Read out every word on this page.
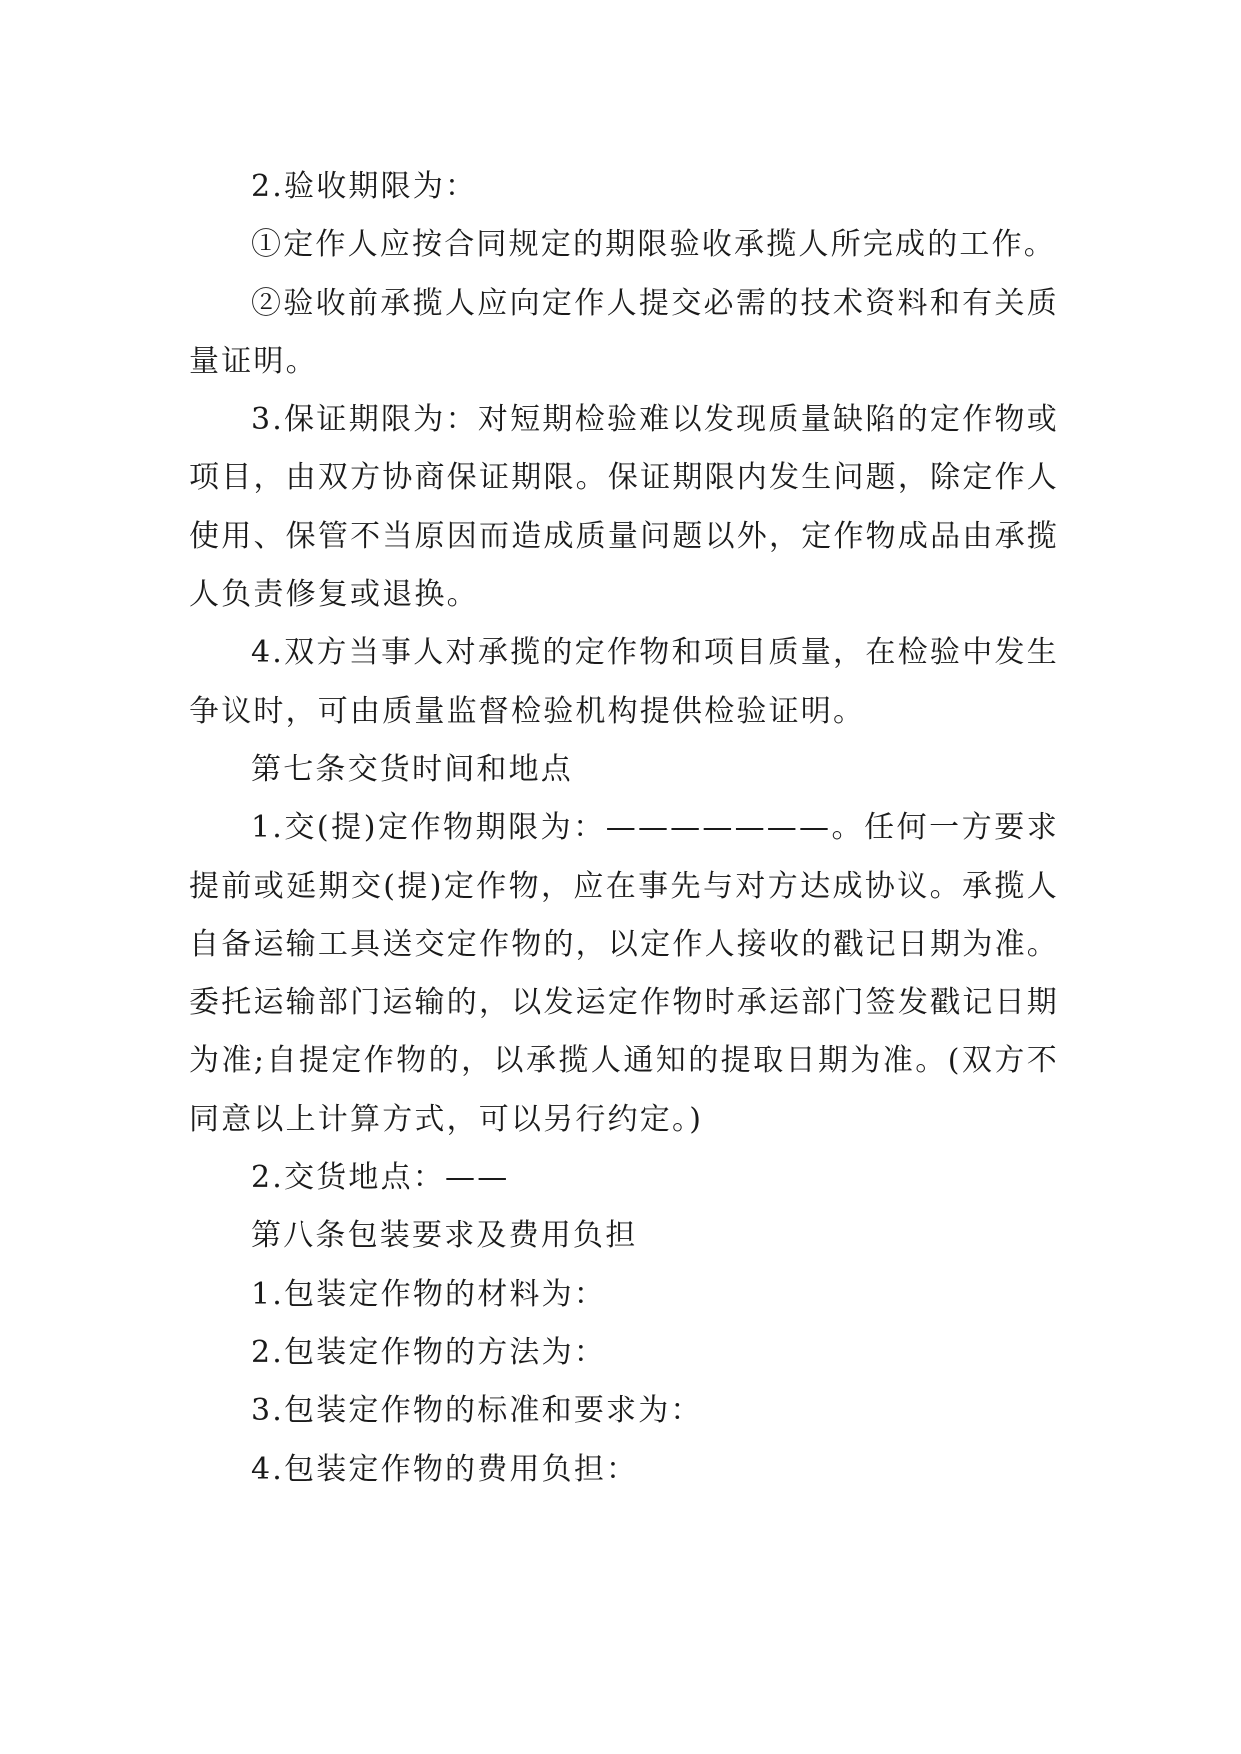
2.验收期限为：

①定作人应按合同规定的期限验收承揽人所完成的工作。

②验收前承揽人应向定作人提交必需的技术资料和有关质量证明。

3.保证期限为：对短期检验难以发现质量缺陷的定作物或项目，由双方协商保证期限。保证期限内发生问题，除定作人使用、保管不当原因而造成质量问题以外，定作物成品由承揽人负责修复或退换。

4.双方当事人对承揽的定作物和项目质量，在检验中发生争议时，可由质量监督检验机构提供检验证明。

第七条交货时间和地点

1.交(提)定作物期限为：———————。任何一方要求提前或延期交(提)定作物，应在事先与对方达成协议。承揽人自备运输工具送交定作物的，以定作人接收的戳记日期为准。委托运输部门运输的，以发运定作物时承运部门签发戳记日期为准;自提定作物的，以承揽人通知的提取日期为准。(双方不同意以上计算方式，可以另行约定。)

2.交货地点：——

第八条包装要求及费用负担

1.包装定作物的材料为：

2.包装定作物的方法为：

3.包装定作物的标准和要求为：

4.包装定作物的费用负担：
